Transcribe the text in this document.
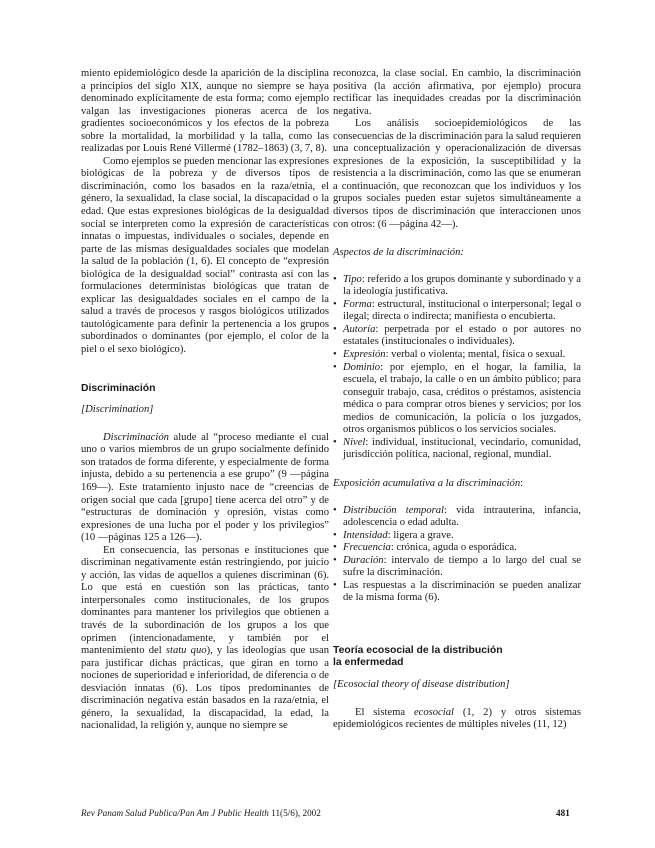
miento epidemiológico desde la aparición de la disciplina a principios del siglo XIX, aunque no siempre se haya denominado explícitamente de esta forma; como ejemplo valgan las investigaciones pioneras acerca de los gradientes socioeconómicos y los efectos de la pobreza sobre la mortalidad, la morbilidad y la talla, como las realizadas por Louis René Villermé (1782–1863) (3, 7, 8).

Como ejemplos se pueden mencionar las expresiones biológicas de la pobreza y de diversos tipos de discriminación, como los basados en la raza/etnia, el género, la sexualidad, la clase social, la discapacidad o la edad. Que estas expresiones biológicas de la desigualdad social se interpreten como la expresión de características innatas o impuestas, individuales o sociales, depende en parte de las mismas desigualdades sociales que modelan la salud de la población (1, 6). El concepto de “expresión biológica de la desigualdad social” contrasta así con las formulaciones deterministas biológicas que tratan de explicar las desigualdades sociales en el campo de la salud a través de procesos y rasgos biológicos utilizados tautológicamente para definir la pertenencia a los grupos subordinados o dominantes (por ejemplo, el color de la piel o el sexo biológico).

Discriminación

[Discrimination]

Discriminación alude al “proceso mediante el cual uno o varios miembros de un grupo socialmente definido son tratados de forma diferente, y especialmente de forma injusta, debido a su pertenencia a ese grupo” (9 —página 169—). Este tratamiento injusto nace de “creencias de origen social que cada [grupo] tiene acerca del otro” y de “estructuras de dominación y opresión, vistas como expresiones de una lucha por el poder y los privilegios” (10 —páginas 125 a 126—).

En consecuencia, las personas e instituciones que discriminan negativamente están restringiendo, por juicio y acción, las vidas de aquellos a quienes discriminan (6). Lo que está en cuestión son las prácticas, tanto interpersonales como institucionales, de los grupos dominantes para mantener los privilegios que obtienen a través de la subordinación de los grupos a los que oprimen (intencionadamente, y también por el mantenimiento del statu quo), y las ideologías que usan para justificar dichas prácticas, que giran en torno a nociones de superioridad e inferioridad, de diferencia o de desviación innatas (6). Los tipos predominantes de discriminación negativa están basados en la raza/etnia, el género, la sexualidad, la discapacidad, la edad, la nacionalidad, la religión y, aunque no siempre se

reconozca, la clase social. En cambio, la discriminación positiva (la acción afirmativa, por ejemplo) procura rectificar las inequidades creadas por la discriminación negativa.

Los análisis socioepidemiológicos de las consecuencias de la discriminación para la salud requieren una conceptualización y operacionalización de diversas expresiones de la exposición, la susceptibilidad y la resistencia a la discriminación, como las que se enumeran a continuación, que reconozcan que los individuos y los grupos sociales pueden estar sujetos simultáneamente a diversos tipos de discriminación que interaccionen unos con otros: (6 —página 42—).

Aspectos de la discriminación:

• Tipo: referido a los grupos dominante y subordinado y a la ideología justificativa.
• Forma: estructural, institucional o interpersonal; legal o ilegal; directa o indirecta; manifiesta o encubierta.
• Autoría: perpetrada por el estado o por autores no estatales (institucionales o individuales).
• Expresión: verbal o violenta; mental, física o sexual.
• Dominio: por ejemplo, en el hogar, la familia, la escuela, el trabajo, la calle o en un ámbito público; para conseguir trabajo, casa, créditos o préstamos, asistencia médica o para comprar otros bienes y servicios; por los medios de comunicación, la policía o los juzgados, otros organismos públicos o los servicios sociales.
• Nivel: individual, institucional, vecindario, comunidad, jurisdicción política, nacional, regional, mundial.

Exposición acumulativa a la discriminación:

• Distribución temporal: vida intrauterina, infancia, adolescencia o edad adulta.
• Intensidad: ligera a grave.
• Frecuencia: crónica, aguda o esporádica.
• Duración: intervalo de tiempo a lo largo del cual se sufre la discriminación.
• Las respuestas a la discriminación se pueden analizar de la misma forma (6).
Teoría ecosocial de la distribución
la enfermedad

[Ecosocial theory of disease distribution]

El sistema ecosocial (1, 2) y otros sistemas epidemiológicos recientes de múltiples niveles (11, 12)

Rev Panam Salud Publica/Pan Am J Public Health 11(5/6), 2002	481
